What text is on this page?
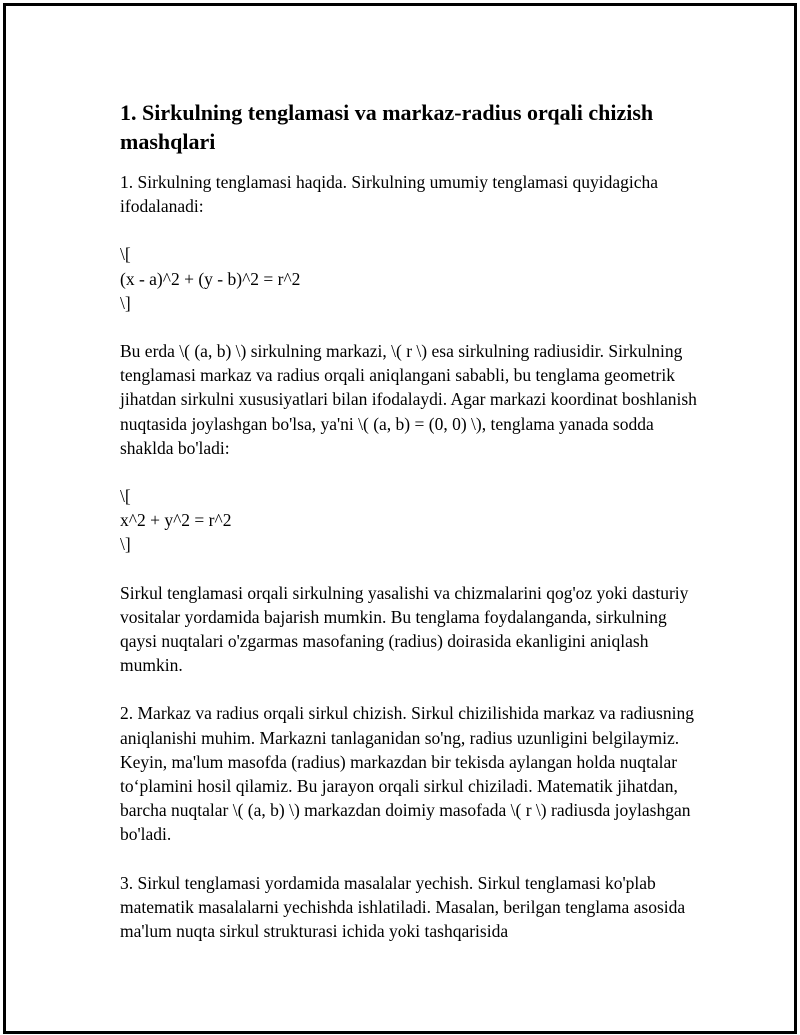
1. Sirkulning tenglamasi va markaz-radius orqali chizish mashqlari

1. Sirkulning tenglamasi haqida. Sirkulning umumiy tenglamasi quyidagicha ifodalanadi:

\[
(x - a)^2 + (y - b)^2 = r^2
\]

Bu erda \( (a, b) \) sirkulning markazi, \( r \) esa sirkulning radiusidir. Sirkulning tenglamasi markaz va radius orqali aniqlangani sababli, bu tenglama geometrik jihatdan sirkulni xususiyatlari bilan ifodalaydi. Agar markazi koordinat boshlanish nuqtasida joylashgan bo'lsa, ya'ni \( (a, b) = (0, 0) \), tenglama yanada sodda shaklda bo'ladi:

\[
x^2 + y^2 = r^2
\]

Sirkul tenglamasi orqali sirkulning yasalishi va chizmalarini qog'oz yoki dasturiy vositalar yordamida bajarish mumkin. Bu tenglama foydalanganda, sirkulning qaysi nuqtalari o'zgarmas masofaning (radius) doirasida ekanligini aniqlash mumkin.

2. Markaz va radius orqali sirkul chizish. Sirkul chizilishida markaz va radiusning aniqlanishi muhim. Markazni tanlaganidan so'ng, radius uzunligini belgilaymiz. Keyin, ma'lum masofda (radius) markazdan bir tekisda aylangan holda nuqtalar to‘plamini hosil qilamiz. Bu jarayon orqali sirkul chiziladi. Matematik jihatdan, barcha nuqtalar \( (a, b) \) markazdan doimiy masofada \( r \) radiusda joylashgan bo'ladi.

3. Sirkul tenglamasi yordamida masalalar yechish. Sirkul tenglamasi ko'plab matematik masalalarni yechishda ishlatiladi. Masalan, berilgan tenglama asosida ma'lum nuqta sirkul strukturasi ichida yoki tashqarisida
